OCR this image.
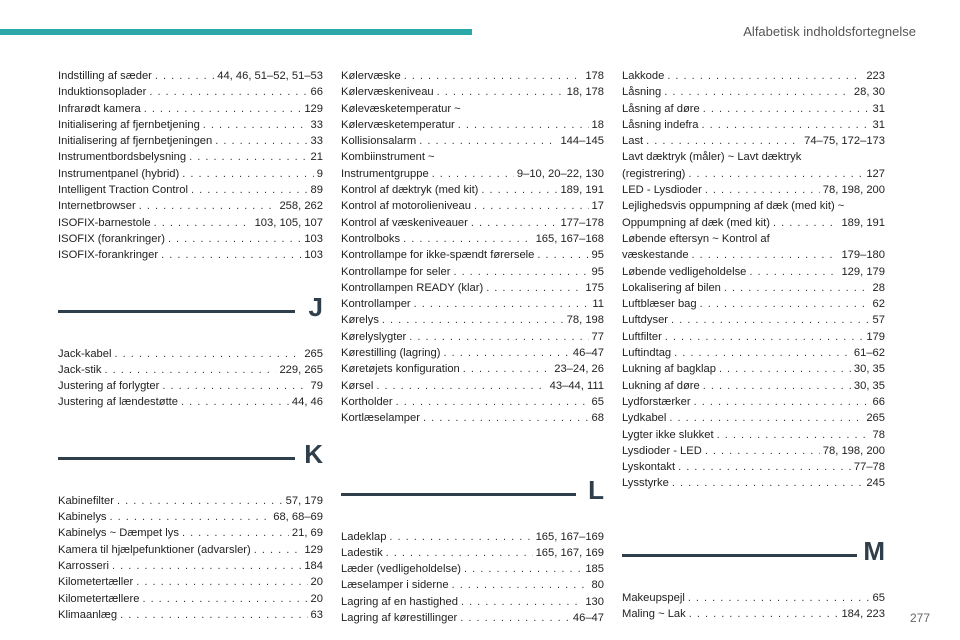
Alfabetisk indholdsfortegnelse
Indstilling af sæder . . .	44, 46, 51–52, 51–53
Induktionsoplader . . .	66
Infrarødt kamera . . .	129
Initialisering af fjernbetjening . . .	33
Initialisering af fjernbetjeningen . . .	33
Instrumentbordsbelysning . . .	21
Instrumentpanel (hybrid) . . .	9
Intelligent Traction Control . . .	89
Internetbrowser . . .	258, 262
ISOFIX-barnestole . . .	103, 105, 107
ISOFIX (forankringer) . . .	103
ISOFIX-forankringer . . .	103
J
Jack-kabel . . .	265
Jack-stik . . .	229, 265
Justering af forlygter . . .	79
Justering af lændestøtte . . .	44, 46
K
Kabinefilter . . .	57, 179
Kabinelys . . .	68, 68–69
Kabinelys ~ Dæmpet lys . . .	21, 69
Kamera til hjælpefunktioner (advarsler) . . .	129
Karrosseri . . .	184
Kilometertæller . . .	20
Kilometertællere . . .	20
Klimaanlæg . . .	63
Kølervæske . . .	178
Kølervæskeniveau . . .	18, 178
Kølevæsketemperatur ~
Kølervæsketemperatur . . .	18
Kollisionsalarm . . .	144–145
Kombiinstrument ~
Instrumentgruppe . . .	9–10, 20–22, 130
Kontrol af dæktryk (med kit) . . .	189, 191
Kontrol af motorolieniveau . . .	17
Kontrol af væskeniveauer . . .	177–178
Kontrolboks . . .	165, 167–168
Kontrollampe for ikke-spændt førersele . . .	95
Kontrollampe for seler . . .	95
Kontrollampen READY (klar) . . .	175
Kontrollamper . . .	11
Kørelys . . .	78, 198
Kørelyslygter . . .	77
Kørestilling (lagring) . . .	46–47
Køretøjets konfiguration . . .	23–24, 26
Kørsel . . .	43–44, 111
Kortholder . . .	65
Kortlæselamper . . .	68
L
Ladeklap . . .	165, 167–169
Ladestik . . .	165, 167, 169
Læder (vedligeholdelse) . . .	185
Læselamper i siderne . . .	80
Lagring af en hastighed . . .	130
Lagring af kørestillinger . . .	46–47
Lakkode . . .	223
Låsning . . .	28, 30
Låsning af døre . . .	31
Låsning indefra . . .	31
Last . . .	74–75, 172–173
Lavt dæktryk (måler) ~ Lavt dæktryk
(registrering) . . .	127
LED - Lysdioder . . .	78, 198, 200
Lejlighedsvis oppumpning af dæk (med kit) ~
Oppumpning af dæk (med kit) . . .	189, 191
Løbende eftersyn ~ Kontrol af
væskestande . . .	179–180
Løbende vedligeholdelse . . .	129, 179
Lokalisering af bilen . . .	28
Luftblæser bag . . .	62
Luftdyser . . .	57
Luftfilter . . .	179
Luftindtag . . .	61–62
Lukning af bagklap . . .	30, 35
Lukning af døre . . .	30, 35
Lydforstærker . . .	66
Lydkabel . . .	265
Lygter ikke slukket . . .	78
Lysdioder - LED . . .	78, 198, 200
Lyskontakt . . .	77–78
Lysstyrke . . .	245
M
Makeupspejl . . .	65
Maling ~ Lak . . .	184, 223 277
